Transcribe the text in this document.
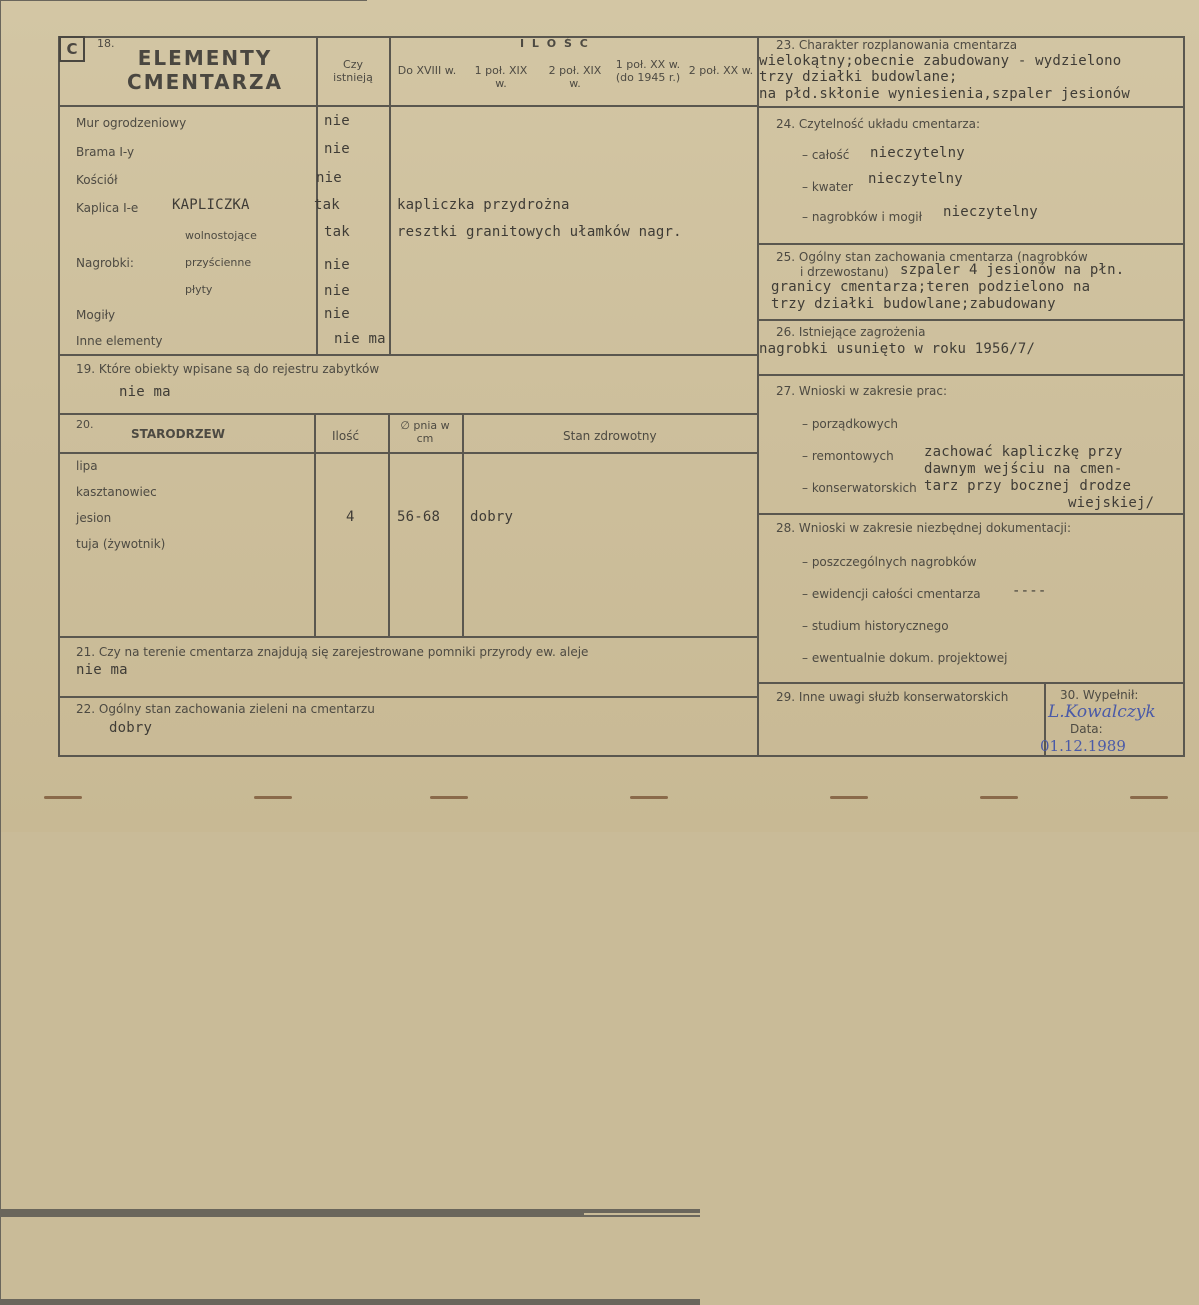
C	18.
ELEMENTY
CMENTARZA
Czy istnieją
I L O Ś C
Do XVIII w.	1 poł. XIX w.
2 poł. XIX w.
1 poł. XX w. (do 1945 r.)
2 poł. XX w.
Mur ogrodzeniowy	nie
Brama I-y	nie
Kościół	nie
Kaplica I-e KAPLICZKA	tak	kapliczka przydrożna
Nagrobki:
wolnostojące	tak	resztki granitowych ułamków nagr.
przyścienne	nie
płyty	nie
Mogiły	nie
Inne elementy	nie ma
19. Które obiekty wpisane są do rejestru zabytków
nie ma
20.
STARODRZEW	Ilość
∅ pnia w cm	Stan zdrowotny
lipa
kasztanowiec
jesion	4	56-68 dobry
tuja (żywotnik)
21. Czy na terenie cmentarza znajdują się zarejestrowane pomniki przyrody ew. aleje
nie ma
22. Ogólny stan zachowania zieleni na cmentarzu
dobry
23. Charakter rozplanowania cmentarza
wielokątny;obecnie zabudowany - wydzielono
trzy działki budowlane;
na płd.skłonie wyniesienia,szpaler jesionów
24. Czytelność układu cmentarza:
– całość nieczytelny
– kwater nieczytelny
– nagrobków i mogił nieczytelny
25. Ogólny stan zachowania cmentarza (nagrobków
i drzewostanu) szpaler 4 jesionów na płn.
granicy cmentarza;teren podzielono na
trzy działki budowlane;zabudowany
26. Istniejące zagrożenia
nagrobki usunięto w roku 1956/7/
27. Wnioski w zakresie prac:
– porządkowych
– remontowych
– konserwatorskich
zachować kapliczkę przy
dawnym wejściu na cmen-
tarz przy bocznej drodze
wiejskiej/
28. Wnioski w zakresie niezbędnej dokumentacji:
– poszczególnych nagrobków
– ewidencji całości cmentarza ----
– studium historycznego
– ewentualnie dokum. projektowej
29. Inne uwagi służb konserwatorskich	30. Wypełnił:
L.Kowalczyk
Data:
01.12.1989
